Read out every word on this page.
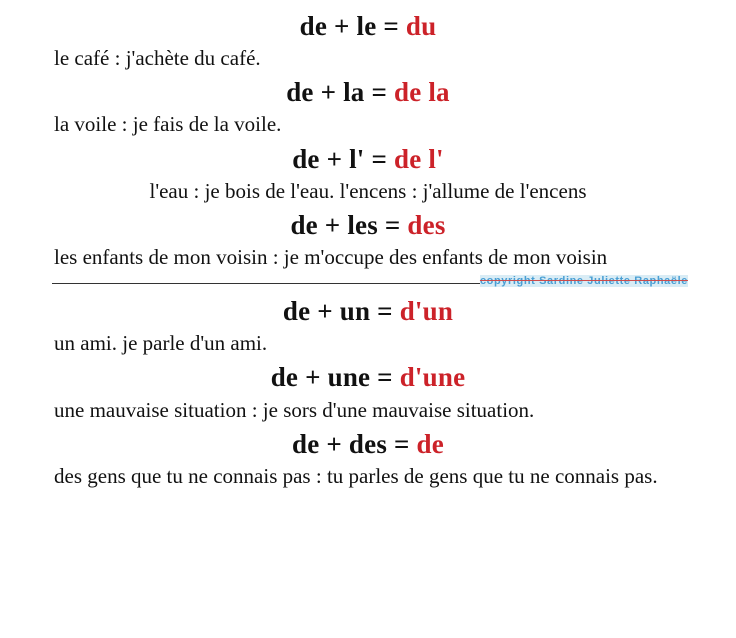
de + le = du
le café : j'achète du café.
de + la = de la
la voile : je fais de la voile.
de + l' = de l'
l'eau : je bois de l'eau. l'encens : j'allume de l'encens
de + les = des
les enfants de mon voisin : je m'occupe des enfants de mon voisin
copyright Sardine Juliette Raphaële
de + un = d'un
un ami. je parle d'un ami.
de + une = d'une
une mauvaise situation : je sors d'une mauvaise situation.
de + des = de
des gens que tu ne connais pas : tu parles de gens que tu ne connais pas.
